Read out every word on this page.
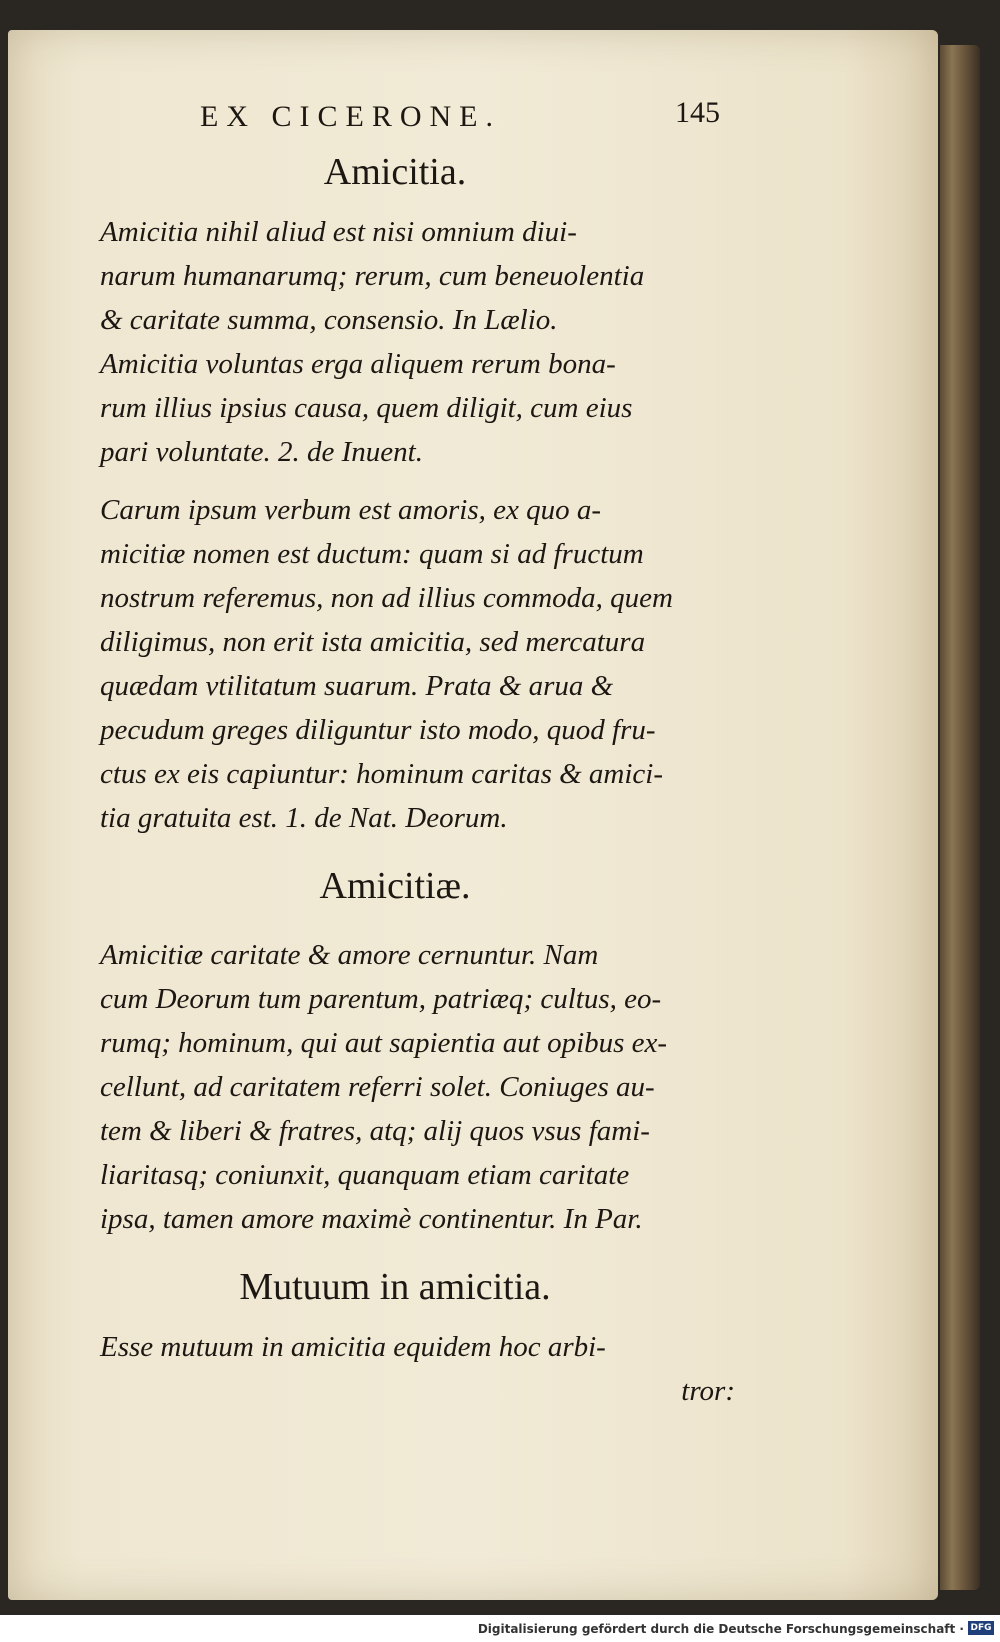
EX CICERONE.	145
Amicitia.

Amicitia nihil aliud est nisi omnium diui-
narum humanarumq; rerum, cum beneuolentia
& caritate summa, consensio. In Lælio.

Amicitia voluntas erga aliquem rerum bona-
rum illius ipsius causa, quem diligit, cum eius
pari voluntate. 2. de Inuent.

Carum ipsum verbum est amoris, ex quo a-
micitiæ nomen est ductum: quam si ad fructum
nostrum referemus, non ad illius commoda, quem
diligimus, non erit ista amicitia, sed mercatura
quædam vtilitatum suarum. Prata & arua &
pecudum greges diliguntur isto modo, quod fru-
ctus ex eis capiuntur: hominum caritas & amici-
tia gratuita est. 1. de Nat. Deorum.

Amicitiæ.

Amicitiæ caritate & amore cernuntur. Nam
cum Deorum tum parentum, patriæq; cultus, eo-
rumq; hominum, qui aut sapientia aut opibus ex-
cellunt, ad caritatem referri solet. Coniuges au-
tem & liberi & fratres, atq; alij quos vsus fami-
liaritasq; coniunxit, quanquam etiam caritate
ipsa, tamen amore maximè continentur. In Par.

Mutuum in amicitia.

Esse mutuum in amicitia equidem hoc arbi-

tror:

Digitalisierung gefördert durch die Deutsche Forschungsgemeinschaft · DFG
